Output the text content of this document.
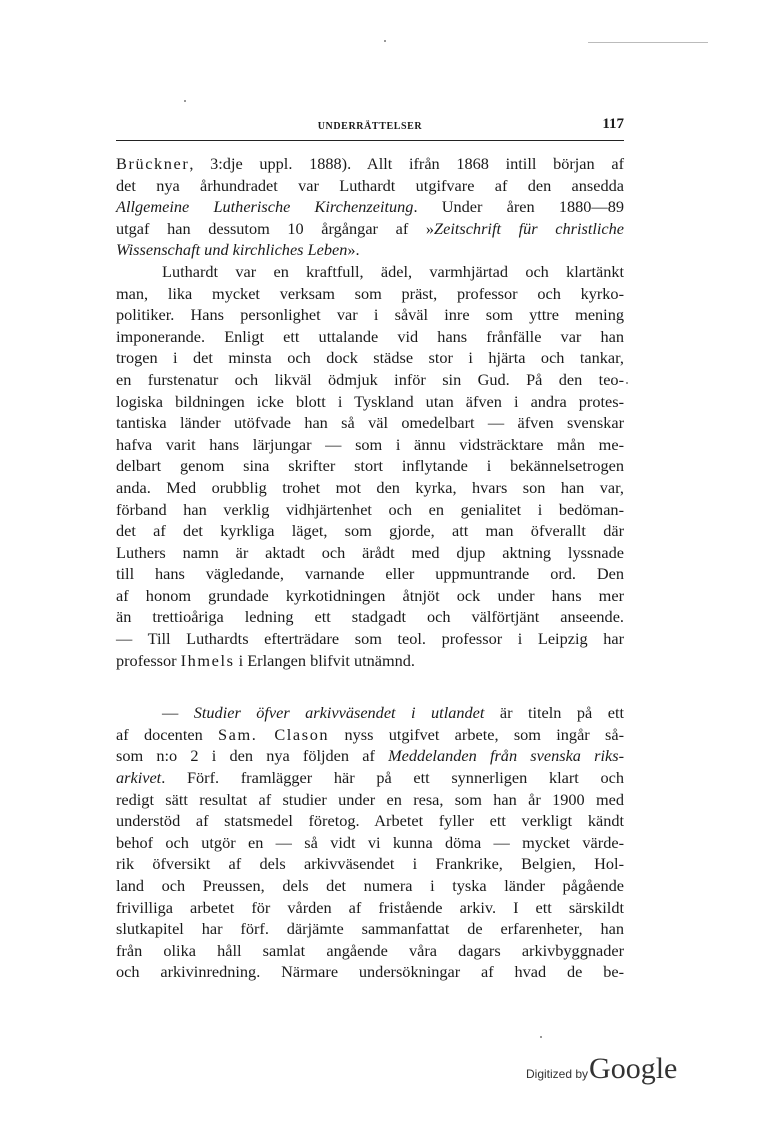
UNDERRÄTTELSER	117
Brückner, 3:dje uppl. 1888). Allt ifrån 1868 intill början af
det nya århundradet var Luthardt utgifvare af den ansedda
Allgemeine Lutherische Kirchenzeitung. Under åren 1880—89
utgaf han dessutom 10 årgångar af »Zeitschrift für christliche
Wissenschaft und kirchliches Leben».
Luthardt var en kraftfull, ädel, varmhjärtad och klartänkt
man, lika mycket verksam som präst, professor och kyrko-
politiker. Hans personlighet var i såväl inre som yttre mening
imponerande. Enligt ett uttalande vid hans frånfälle var han
trogen i det minsta och dock städse stor i hjärta och tankar,
en furstenatur och likväl ödmjuk inför sin Gud. På den teo-
logiska bildningen icke blott i Tyskland utan äfven i andra protes-
tantiska länder utöfvade han så väl omedelbart — äfven svenskar
hafva varit hans lärjungar — som i ännu vidsträcktare mån me-
delbart genom sina skrifter stort inflytande i bekännelsetrogen
anda. Med orubblig trohet mot den kyrka, hvars son han var,
förband han verklig vidhjärtenhet och en genialitet i bedöman-
det af det kyrkliga läget, som gjorde, att man öfverallt där
Luthers namn är aktadt och ärådt med djup aktning lyssnade
till hans vägledande, varnande eller uppmuntrande ord. Den
af honom grundade kyrkotidningen åtnjöt ock under hans mer
än trettioåriga ledning ett stadgadt och välförtjänt anseende.
— Till Luthardts efterträdare som teol. professor i Leipzig har
professor Ihmels i Erlangen blifvit utnämnd.
— Studier öfver arkivväsendet i utlandet är titeln på ett
af docenten Sam. Clason nyss utgifvet arbete, som ingår så-
som n:o 2 i den nya följden af Meddelanden från svenska riks-
arkivet. Förf. framlägger här på ett synnerligen klart och
redigt sätt resultat af studier under en resa, som han år 1900 med
understöd af statsmedel företog. Arbetet fyller ett verkligt kändt
behof och utgör en — så vidt vi kunna döma — mycket värde-
rik öfversikt af dels arkivväsendet i Frankrike, Belgien, Hol-
land och Preussen, dels det numera i tyska länder pågående
frivilliga arbetet för vården af fristående arkiv. I ett särskildt
slutkapitel har förf. därjämte sammanfattat de erfarenheter, han
från olika håll samlat angående våra dagars arkivbyggnader
och arkivinredning. Närmare undersökningar af hvad de be-
Digitized byGoogle
